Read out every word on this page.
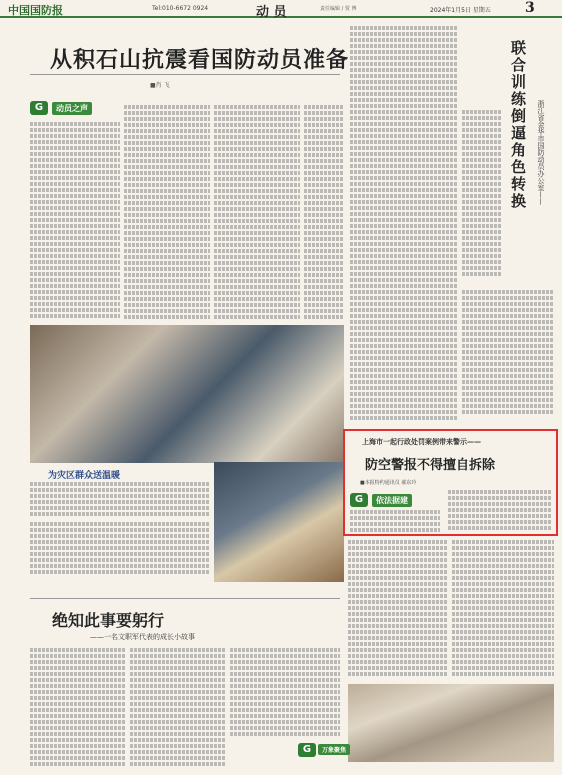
中国国防报	Tel:010-6672 0924	动 员	责任编辑 / 贾 博	2024年1月5日 星期五 3
从积石山抗震看国防动员准备
■肖 飞
G	动员之声	联合训练倒逼角色转换 浙江省金华市国防动员办公室——
为灾区群众送温暖
上海市一起行政处罚案例带来警示——
防空警报不得擅自拆除
■本报特约通讯员 郝东玲
G	依法据建
G	万象聚焦
绝知此事要躬行
——一名文职军代表的成长小故事
